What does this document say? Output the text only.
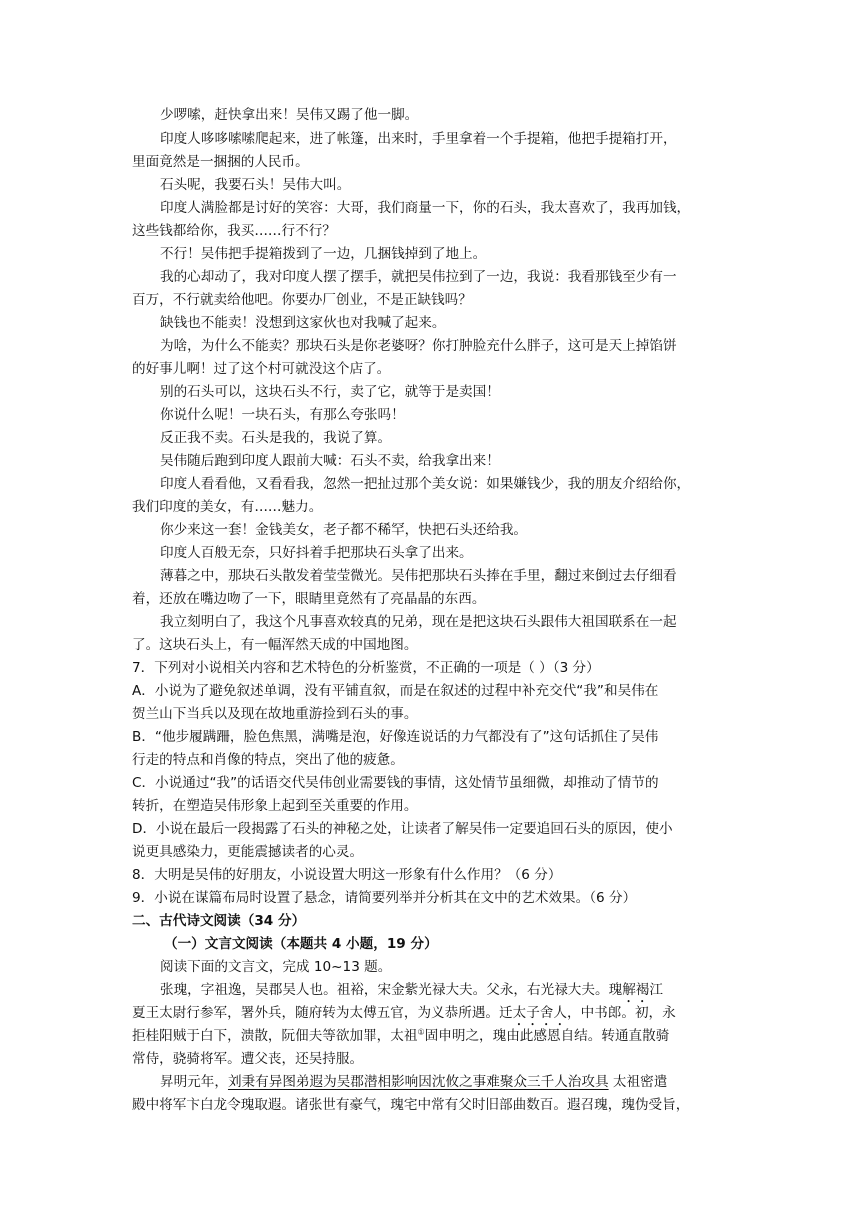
少啰嗦，赶快拿出来！吴伟又踢了他一脚。
印度人哆哆嗦嗦爬起来，进了帐篷，出来时，手里拿着一个手提箱，他把手提箱打开，
里面竟然是一捆捆的人民币。
石头呢，我要石头！吴伟大叫。
印度人满脸都是讨好的笑容：大哥，我们商量一下，你的石头，我太喜欢了，我再加钱，
这些钱都给你，我买……行不行？
不行！吴伟把手提箱拨到了一边，几捆钱掉到了地上。
我的心却动了，我对印度人摆了摆手，就把吴伟拉到了一边，我说：我看那钱至少有一
百万，不行就卖给他吧。你要办厂创业，不是正缺钱吗？
缺钱也不能卖！没想到这家伙也对我喊了起来。
为啥，为什么不能卖？那块石头是你老婆呀？你打肿脸充什么胖子，这可是天上掉馅饼
的好事儿啊！过了这个村可就没这个店了。
别的石头可以，这块石头不行，卖了它，就等于是卖国！
你说什么呢！一块石头，有那么夸张吗！
反正我不卖。石头是我的，我说了算。
吴伟随后跑到印度人跟前大喊：石头不卖，给我拿出来！
印度人看看他，又看看我，忽然一把扯过那个美女说：如果嫌钱少，我的朋友介绍给你，
我们印度的美女，有……魅力。
你少来这一套！金钱美女，老子都不稀罕，快把石头还给我。
印度人百般无奈，只好抖着手把那块石头拿了出来。
薄暮之中，那块石头散发着莹莹微光。吴伟把那块石头捧在手里，翻过来倒过去仔细看
着，还放在嘴边吻了一下，眼睛里竟然有了亮晶晶的东西。
我立刻明白了，我这个凡事喜欢较真的兄弟，现在是把这块石头跟伟大祖国联系在一起
了。这块石头上，有一幅浑然天成的中国地图。
7．下列对小说相关内容和艺术特色的分析鉴赏，不正确的一项是（ ）（3 分）
A．小说为了避免叙述单调，没有平铺直叙，而是在叙述的过程中补充交代“我”和吴伟在
贺兰山下当兵以及现在故地重游捡到石头的事。
B．“他步履蹒跚，脸色焦黑，满嘴是泡，好像连说话的力气都没有了”这句话抓住了吴伟
行走的特点和肖像的特点，突出了他的疲惫。
C．小说通过“我”的话语交代吴伟创业需要钱的事情，这处情节虽细微，却推动了情节的
转折，在塑造吴伟形象上起到至关重要的作用。
D．小说在最后一段揭露了石头的神秘之处，让读者了解吴伟一定要追回石头的原因，使小
说更具感染力，更能震撼读者的心灵。
8．大明是吴伟的好朋友，小说设置大明这一形象有什么作用？（6 分）
9．小说在谋篇布局时设置了悬念，请简要列举并分析其在文中的艺术效果。（6 分）
二、古代诗文阅读（34 分）
（一）文言文阅读（本题共 4 小题，19 分）
阅读下面的文言文，完成 10~13 题。
张瑰，字祖逸，吴郡吴人也。祖裕，宋金紫光禄大夫。父永，右光禄大夫。瑰解褐江
夏王太尉行参军，署外兵，随府转为太傅五官，为义恭所遇。迁太子舍人，中书郎。初，永
拒桂阳贼于白下，溃散，阮佃夫等欲加罪，太祖①固申明之，瑰由此感恩自结。转通直散骑
常侍，骁骑将军。遭父丧，还吴持服。
昇明元年，刘秉有异图弟遐为吴郡潜相影响因沈攸之事难聚众三千人治攻具 太祖密遣
殿中将军卞白龙令瑰取遐。诸张世有豪气，瑰宅中常有父时旧部曲数百。遐召瑰，瑰伪受旨，
